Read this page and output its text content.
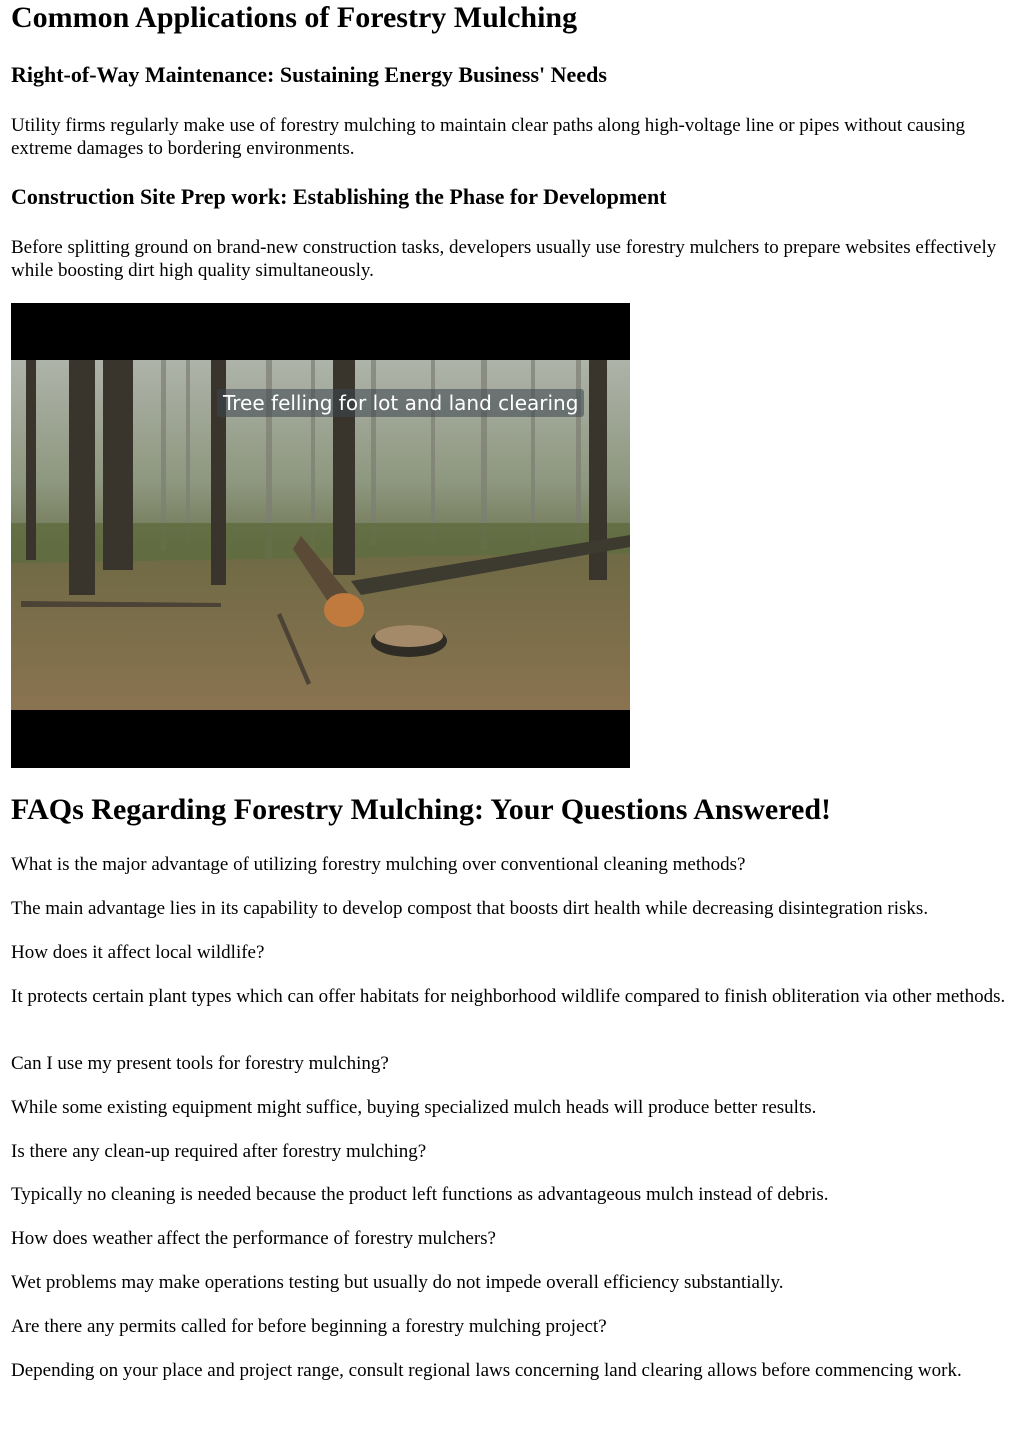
Common Applications of Forestry Mulching
Right-of-Way Maintenance: Sustaining Energy Business' Needs

Utility firms regularly make use of forestry mulching to maintain clear paths along high-voltage line or pipes without causing extreme damages to bordering environments.

Construction Site Prep work: Establishing the Phase for Development

Before splitting ground on brand-new construction tasks, developers usually use forestry mulchers to prepare websites effectively while boosting dirt high quality simultaneously.

Tree felling for lot and land clearing
FAQs Regarding Forestry Mulching: Your Questions Answered!

What is the major advantage of utilizing forestry mulching over conventional cleaning methods?

The main advantage lies in its capability to develop compost that boosts dirt health while decreasing disintegration risks.

How does it affect local wildlife?

It protects certain plant types which can offer habitats for neighborhood wildlife compared to finish obliteration via other methods.

Can I use my present tools for forestry mulching?

While some existing equipment might suffice, buying specialized mulch heads will produce better results.

Is there any clean-up required after forestry mulching?

Typically no cleaning is needed because the product left functions as advantageous mulch instead of debris.

How does weather affect the performance of forestry mulchers?

Wet problems may make operations testing but usually do not impede overall efficiency substantially.

Are there any permits called for before beginning a forestry mulching project?

Depending on your place and project range, consult regional laws concerning land clearing allows before commencing work.
